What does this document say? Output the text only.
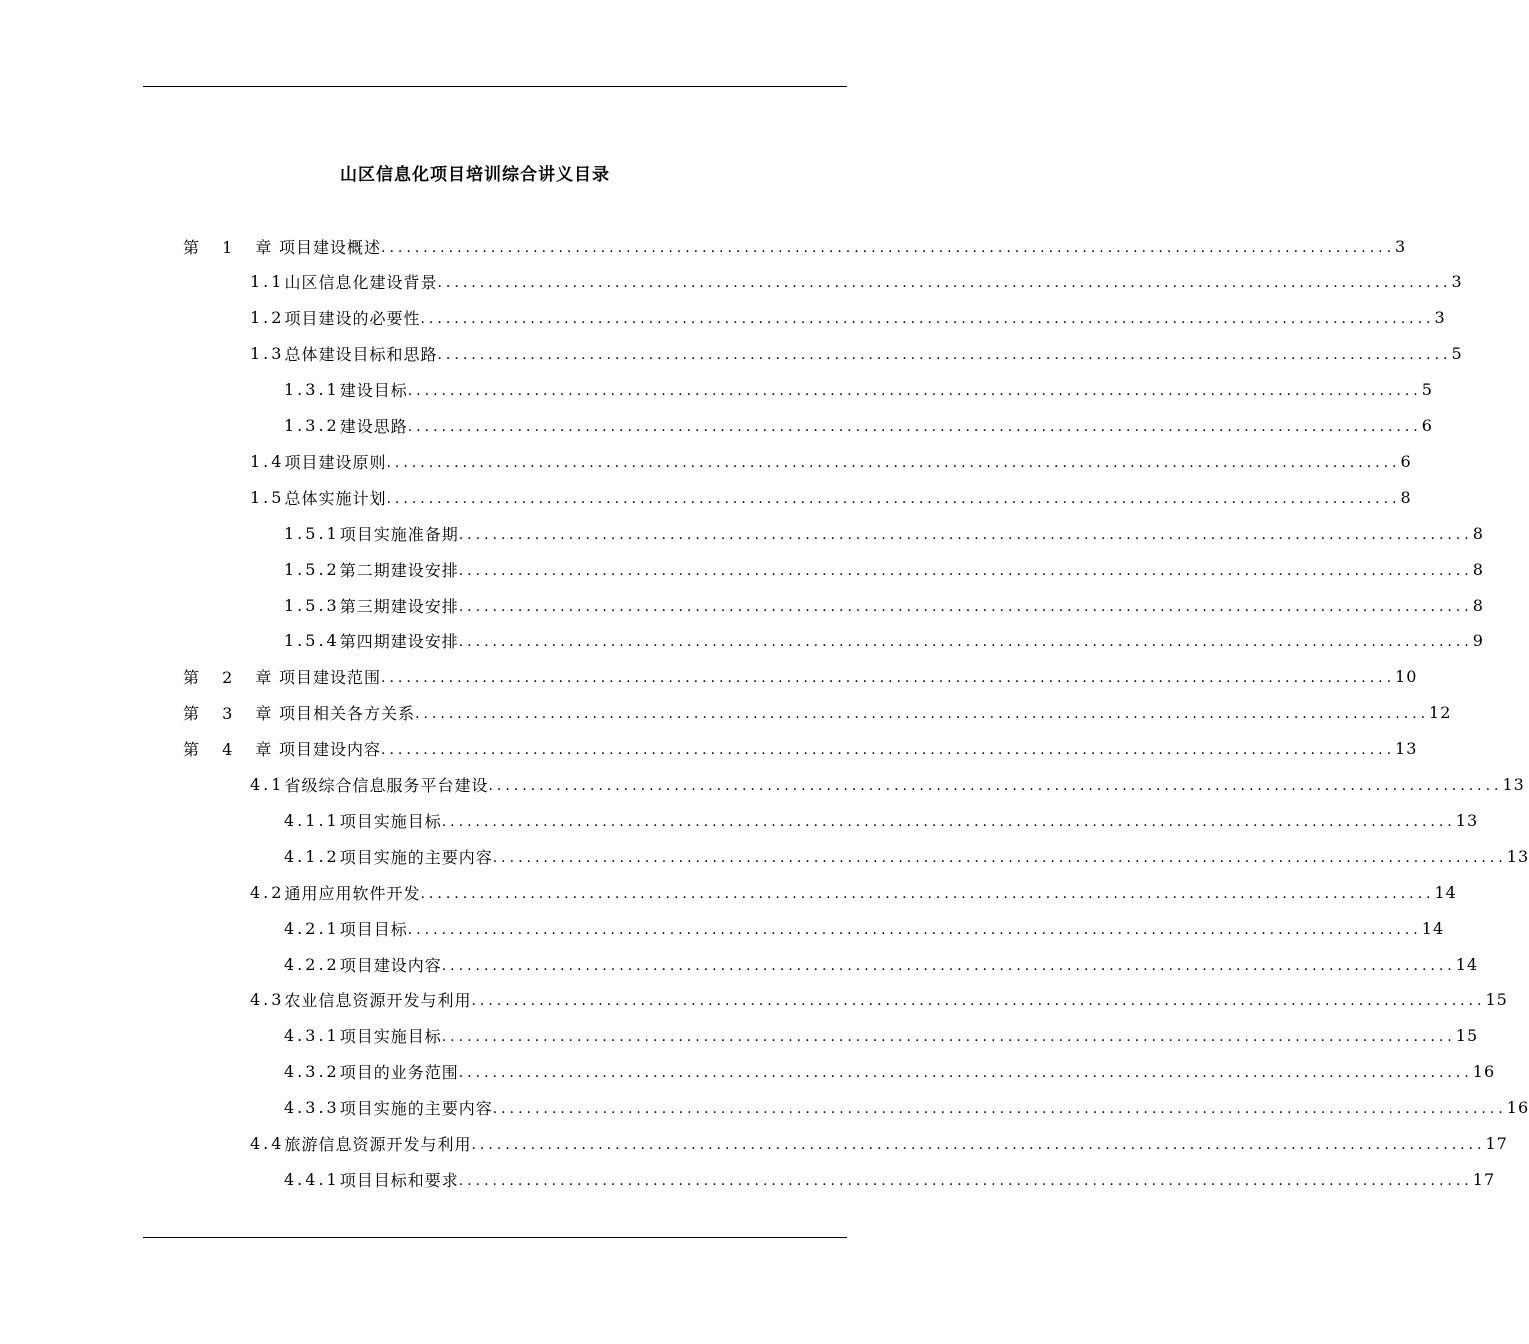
山区信息化项目培训综合讲义目录
第 1 章
项目建设概述 ........................................................................................................................ 3
1.1 山区信息化建设背景 ........................................................................................................................ 3
1.2 项目建设的必要性 ........................................................................................................................ 3
1.3 总体建设目标和思路 ........................................................................................................................ 5
1.3.1 建设目标 ........................................................................................................................ 5
1.3.2 建设思路 ........................................................................................................................ 6
1.4 项目建设原则 ........................................................................................................................ 6
1.5 总体实施计划 ........................................................................................................................ 8
1.5.1 项目实施准备期 ........................................................................................................................ 8
1.5.2 第二期建设安排 ........................................................................................................................ 8
1.5.3 第三期建设安排 ........................................................................................................................ 8
1.5.4 第四期建设安排 ........................................................................................................................ 9
第 2 章
项目建设范围 ........................................................................................................................ 10
第 3 章
项目相关各方关系 ........................................................................................................................ 12
第 4 章
项目建设内容 ........................................................................................................................ 13
4.1 省级综合信息服务平台建设 ........................................................................................................................ 13
4.1.1 项目实施目标 ........................................................................................................................ 13
4.1.2 项目实施的主要内容 ........................................................................................................................ 13
4.2 通用应用软件开发 ........................................................................................................................ 14
4.2.1 项目目标 ........................................................................................................................ 14
4.2.2 项目建设内容 ........................................................................................................................ 14
4.3 农业信息资源开发与利用 ........................................................................................................................ 15
4.3.1 项目实施目标 ........................................................................................................................ 15
4.3.2 项目的业务范围 ........................................................................................................................ 16
4.3.3 项目实施的主要内容 ........................................................................................................................ 16
4.4 旅游信息资源开发与利用 ........................................................................................................................ 17
4.4.1 项目目标和要求 ........................................................................................................................ 17
